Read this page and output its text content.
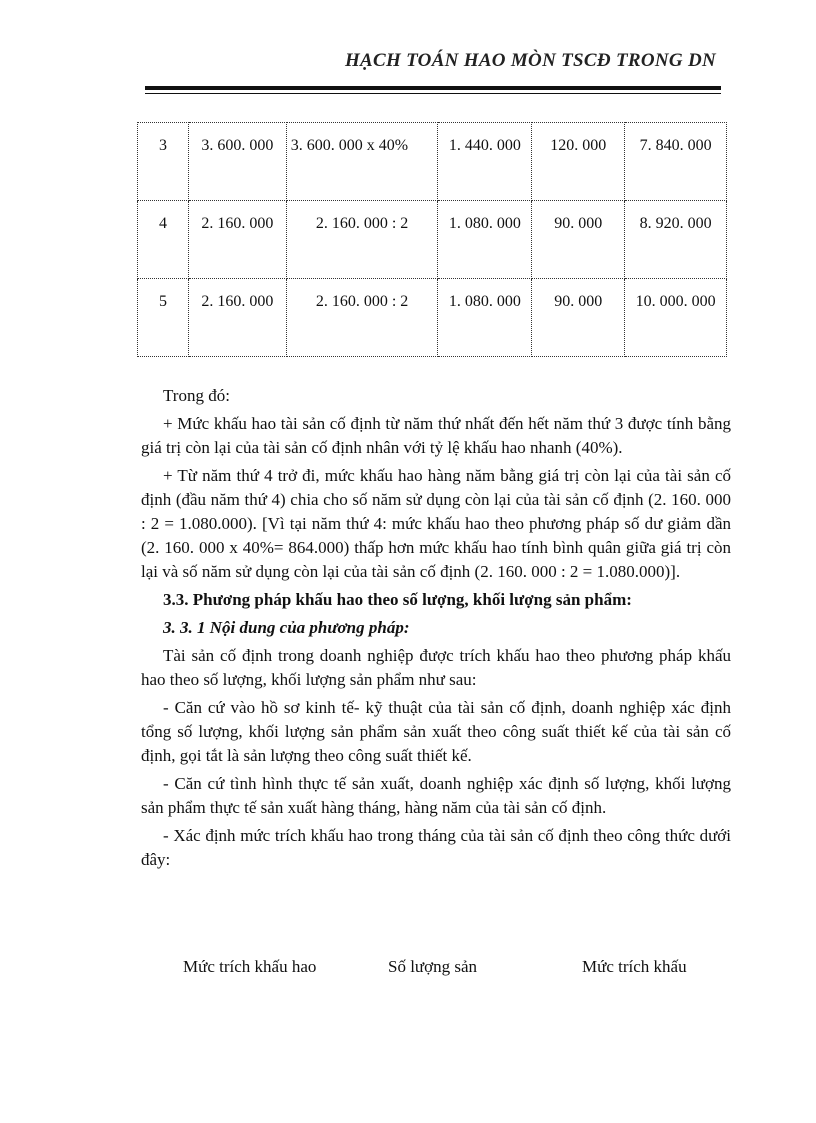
HẠCH TOÁN HAO MÒN TSCĐ TRONG DN
3	3. 600. 000	3. 600. 000 x 40%	1. 440. 000	120. 000	7. 840. 000
4	2. 160. 000	2. 160. 000 : 2	1. 080. 000	90. 000	8. 920. 000
5	2. 160. 000	2. 160. 000 : 2	1. 080. 000	90. 000	10. 000. 000

Trong đó:

+ Mức khấu hao tài sản cố định từ năm thứ nhất đến hết năm thứ 3 được tính bằng giá trị còn lại của tài sản cố định nhân với tỷ lệ khấu hao nhanh (40%).

+ Từ năm thứ 4 trở đi, mức khấu hao hàng năm bằng giá trị còn lại của tài sản cố định (đầu năm thứ 4) chia cho số năm sử dụng còn lại của tài sản cố định (2. 160. 000 : 2 = 1.080.000). [Vì tại năm thứ 4: mức khấu hao theo phương pháp số dư giảm dần (2. 160. 000 x 40%= 864.000) thấp hơn mức khấu hao tính bình quân giữa giá trị còn lại và số năm sử dụng còn lại của tài sản cố định (2. 160. 000 : 2 = 1.080.000)].

3.3. Phương pháp khấu hao theo số lượng, khối lượng sản phẩm:

3. 3. 1 Nội dung của phương pháp:

Tài sản cố định trong doanh nghiệp được trích khấu hao theo phương pháp khấu hao theo số lượng, khối lượng sản phẩm như sau:

- Căn cứ vào hồ sơ kinh tế- kỹ thuật của tài sản cố định, doanh nghiệp xác định tổng số lượng, khối lượng sản phẩm sản xuất theo công suất thiết kế của tài sản cố định, gọi tắt là sản lượng theo công suất thiết kế.

- Căn cứ tình hình thực tế sản xuất, doanh nghiệp xác định số lượng, khối lượng sản phẩm thực tế sản xuất hàng tháng, hàng năm của tài sản cố định.

- Xác định mức trích khấu hao trong tháng của tài sản cố định theo công thức dưới đây:

Mức trích khấu hao	Số lượng sản	Mức trích khấu
